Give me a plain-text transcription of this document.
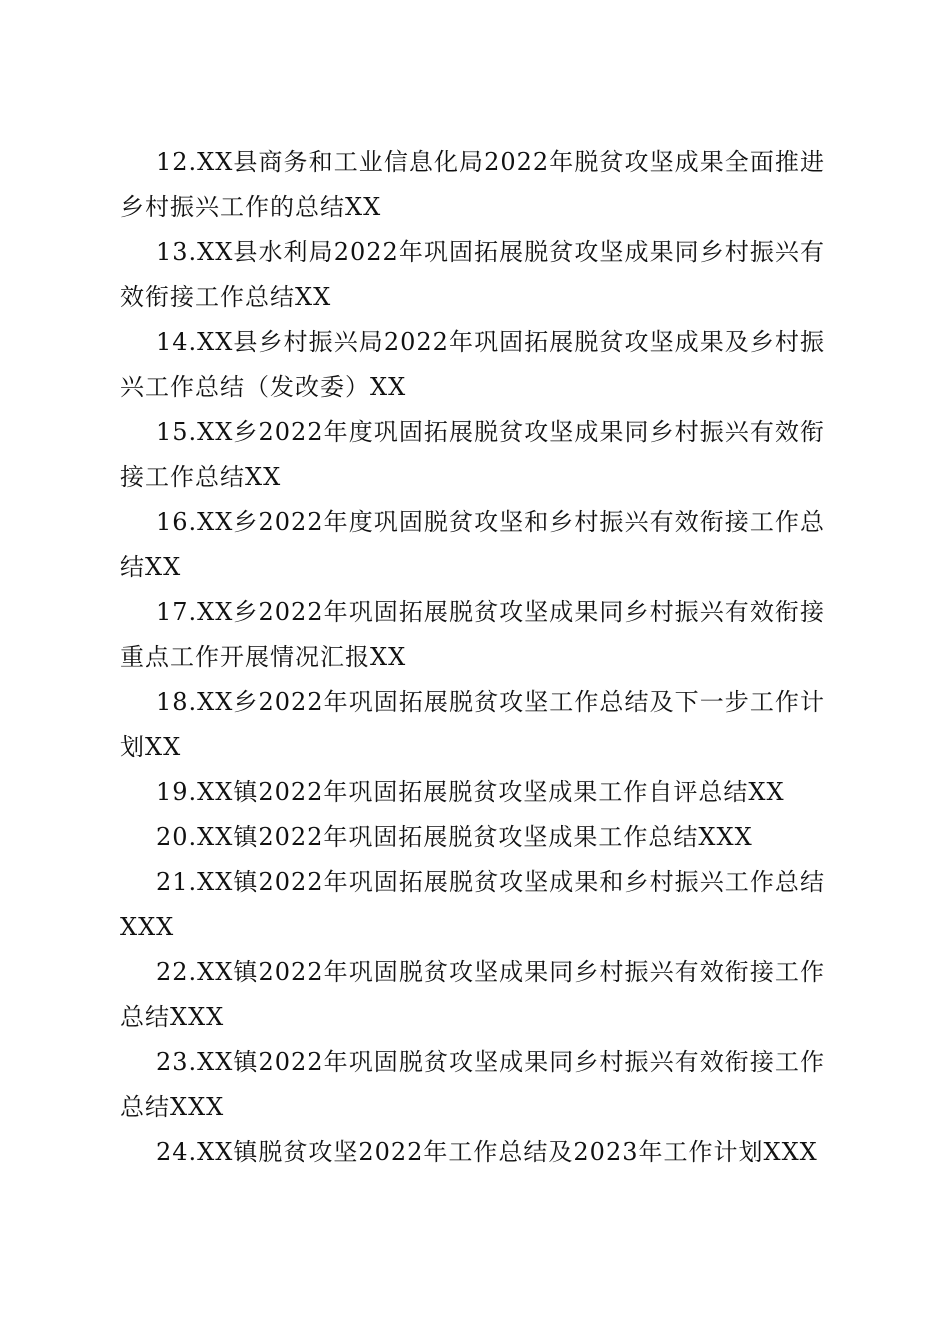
12.XX县商务和工业信息化局2022年脱贫攻坚成果全面推进乡村振兴工作的总结XX

13.XX县水利局2022年巩固拓展脱贫攻坚成果同乡村振兴有效衔接工作总结XX

14.XX县乡村振兴局2022年巩固拓展脱贫攻坚成果及乡村振兴工作总结（发改委）XX

15.XX乡2022年度巩固拓展脱贫攻坚成果同乡村振兴有效衔接工作总结XX

16.XX乡2022年度巩固脱贫攻坚和乡村振兴有效衔接工作总结XX

17.XX乡2022年巩固拓展脱贫攻坚成果同乡村振兴有效衔接重点工作开展情况汇报XX

18.XX乡2022年巩固拓展脱贫攻坚工作总结及下一步工作计划XX

19.XX镇2022年巩固拓展脱贫攻坚成果工作自评总结XX

20.XX镇2022年巩固拓展脱贫攻坚成果工作总结XXX

21.XX镇2022年巩固拓展脱贫攻坚成果和乡村振兴工作总结XXX

22.XX镇2022年巩固脱贫攻坚成果同乡村振兴有效衔接工作总结XXX

23.XX镇2022年巩固脱贫攻坚成果同乡村振兴有效衔接工作总结XXX

24.XX镇脱贫攻坚2022年工作总结及2023年工作计划XXX
